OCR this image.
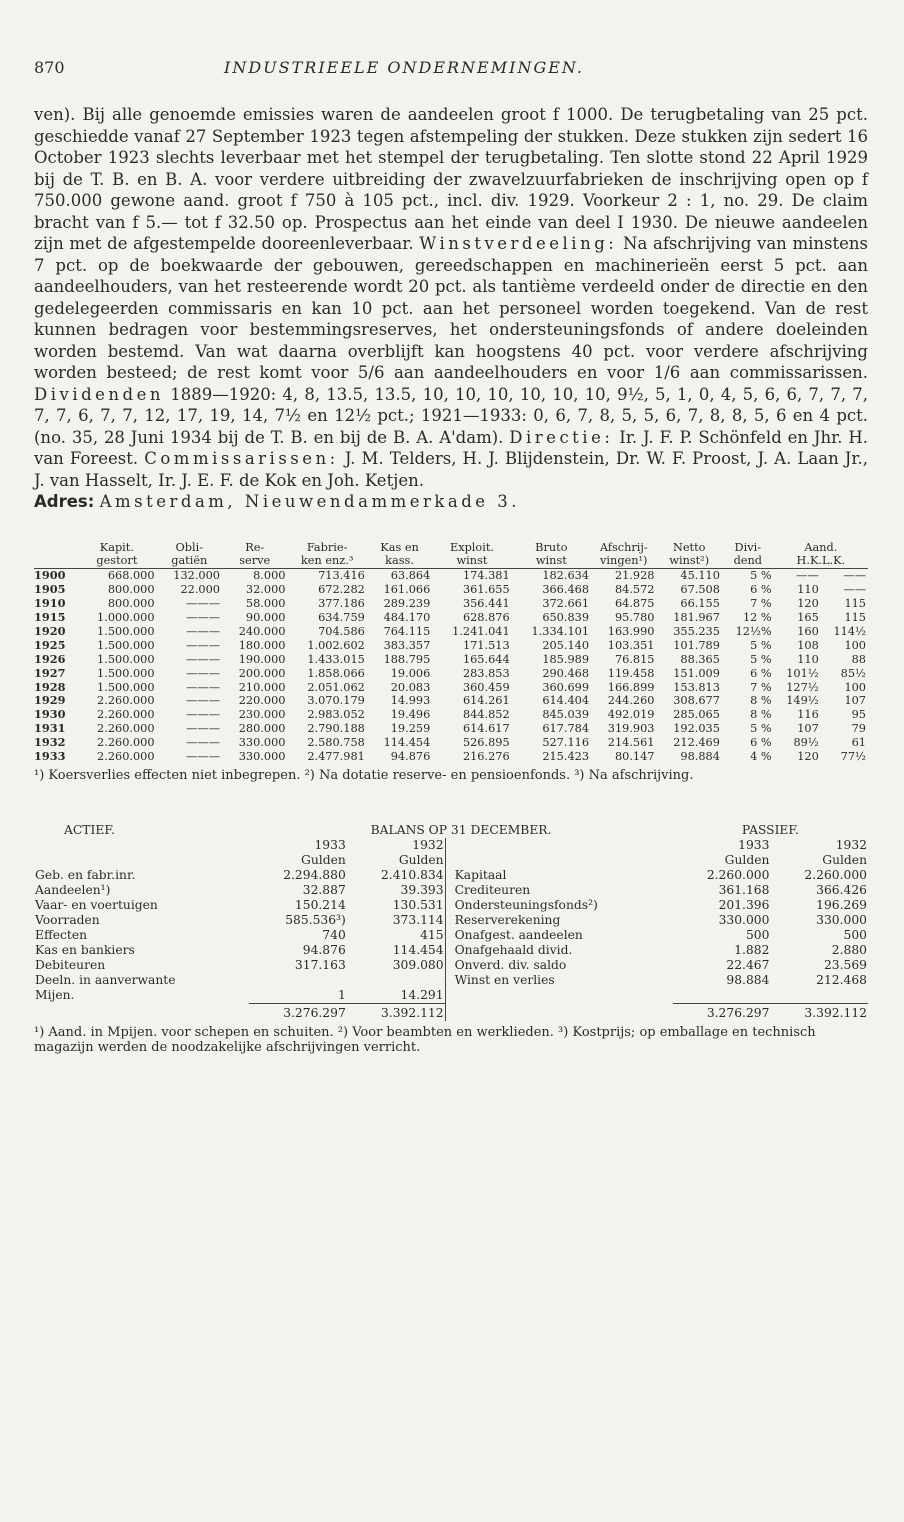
870	INDUSTRIEELE ONDERNEMINGEN.

ven). Bij alle genoemde emissies waren de aandeelen groot f 1000. De terugbetaling van 25 pct. geschiedde vanaf 27 September 1923 tegen afstempeling der stukken. Deze stukken zijn sedert 16 October 1923 slechts leverbaar met het stempel der terugbetaling. Ten slotte stond 22 April 1929 bij de T. B. en B. A. voor verdere uitbreiding der zwavelzuurfabrieken de inschrijving open op f 750.000 gewone aand. groot f 750 à 105 pct., incl. div. 1929. Voorkeur 2 : 1, no. 29. De claim bracht van f 5.— tot f 32.50 op. Prospectus aan het einde van deel I 1930. De nieuwe aandeelen zijn met de afgestempelde dooreenleverbaar. Winstverdeeling: Na afschrijving van minstens 7 pct. op de boekwaarde der gebouwen, gereedschappen en machinerieën eerst 5 pct. aan aandeelhouders, van het resteerende wordt 20 pct. als tantième verdeeld onder de directie en den gedelegeerden commissaris en kan 10 pct. aan het personeel worden toegekend. Van de rest kunnen bedragen voor bestemmingsreserves, het ondersteuningsfonds of andere doeleinden worden bestemd. Van wat daarna overblijft kan hoogstens 40 pct. voor verdere afschrijving worden besteed; de rest komt voor 5/6 aan aandeelhouders en voor 1/6 aan commissarissen. Dividenden 1889—1920: 4, 8, 13.5, 13.5, 10, 10, 10, 10, 10, 10, 9½, 5, 1, 0, 4, 5, 6, 6, 7, 7, 7, 7, 7, 6, 7, 7, 12, 17, 19, 14, 7½ en 12½ pct.; 1921—1933: 0, 6, 7, 8, 5, 5, 6, 7, 8, 8, 5, 6 en 4 pct. (no. 35, 28 Juni 1934 bij de T. B. en bij de B. A. A'dam). Directie: Ir. J. F. P. Schönfeld en Jhr. H. van Foreest. Commissarissen: J. M. Telders, H. J. Blijdenstein, Dr. W. F. Proost, J. A. Laan Jr., J. van Hasselt, Ir. J. E. F. de Kok en Joh. Ketjen.

Adres: Amsterdam, Nieuwendammerkade 3.

	Kapit.	Obli-	Re-	Fabrie-	Kas en	Exploit.	Bruto	Afschrij-	Netto	Divi-	Aand.	
	gestort	gatiën	serve	ken enz.³	kass.	winst	winst	vingen¹)	winst²)	dend	H.K.L.K.	
1900	668.000	132.000	8.000	713.416	63.864	174.381	182.634	21.928	45.110	5 %	——	——
1905	800.000	22.000	32.000	672.282	161.066	361.655	366.468	84.572	67.508	6 %	110	——
1910	800.000	———	58.000	377.186	289.239	356.441	372.661	64.875	66.155	7 %	120	115
1915	1.000.000	———	90.000	634.759	484.170	628.876	650.839	95.780	181.967	12 %	165	115
1920	1.500.000	———	240.000	704.586	764.115	1.241.041	1.334.101	163.990	355.235	12½%	160	114½
1925	1.500.000	———	180.000	1.002.602	383.357	171.513	205.140	103.351	101.789	5 %	108	100
1926	1.500.000	———	190.000	1.433.015	188.795	165.644	185.989	76.815	88.365	5 %	110	88
1927	1.500.000	———	200.000	1.858.066	19.006	283.853	290.468	119.458	151.009	6 %	101½	85½
1928	1.500.000	———	210.000	2.051.062	20.083	360.459	360.699	166.899	153.813	7 %	127½	100
1929	2.260.000	———	220.000	3.070.179	14.993	614.261	614.404	244.260	308.677	8 %	149½	107
1930	2.260.000	———	230.000	2.983.052	19.496	844.852	845.039	492.019	285.065	8 %	116	95
1931	2.260.000	———	280.000	2.790.188	19.259	614.617	617.784	319.903	192.035	5 %	107	79
1932	2.260.000	———	330.000	2.580.758	114.454	526.895	527.116	214.561	212.469	6 %	89½	61
1933	2.260.000	———	330.000	2.477.981	94.876	216.276	215.423	80.147	98.884	4 %	120	77½
¹) Koersverlies effecten niet inbegrepen. ²) Na dotatie reserve- en pensioenfonds. ³) Na afschrijving.
ACTIEF.	BALANS OP 31 DECEMBER.				PASSIEF.	
	1933	1932			1933	1932
	Gulden	Gulden			Gulden	Gulden
Geb. en fabr.inr.	2.294.880	2.410.834		Kapitaal	2.260.000	2.260.000
Aandeelen¹)	32.887	39.393		Crediteuren	361.168	366.426
Vaar- en voertuigen	150.214	130.531		Ondersteuningsfonds²)	201.396	196.269
Voorraden	585.536³)	373.114		Reserverekening	330.000	330.000
Effecten	740	415		Onafgest. aandeelen	500	500
Kas en bankiers	94.876	114.454		Onafgehaald divid.	1.882	2.880
Debiteuren	317.163	309.080		Onverd. div. saldo	22.467	23.569
Deeln. in aanverwante				Winst en verlies	98.884	212.468
Mijen.	1	14.291				
	3.276.297	3.392.112			3.276.297	3.392.112
¹) Aand. in Mpijen. voor schepen en schuiten. ²) Voor beambten en werklieden. ³) Kostprijs; op emballage en technisch magazijn werden de noodzakelijke afschrijvingen verricht.
